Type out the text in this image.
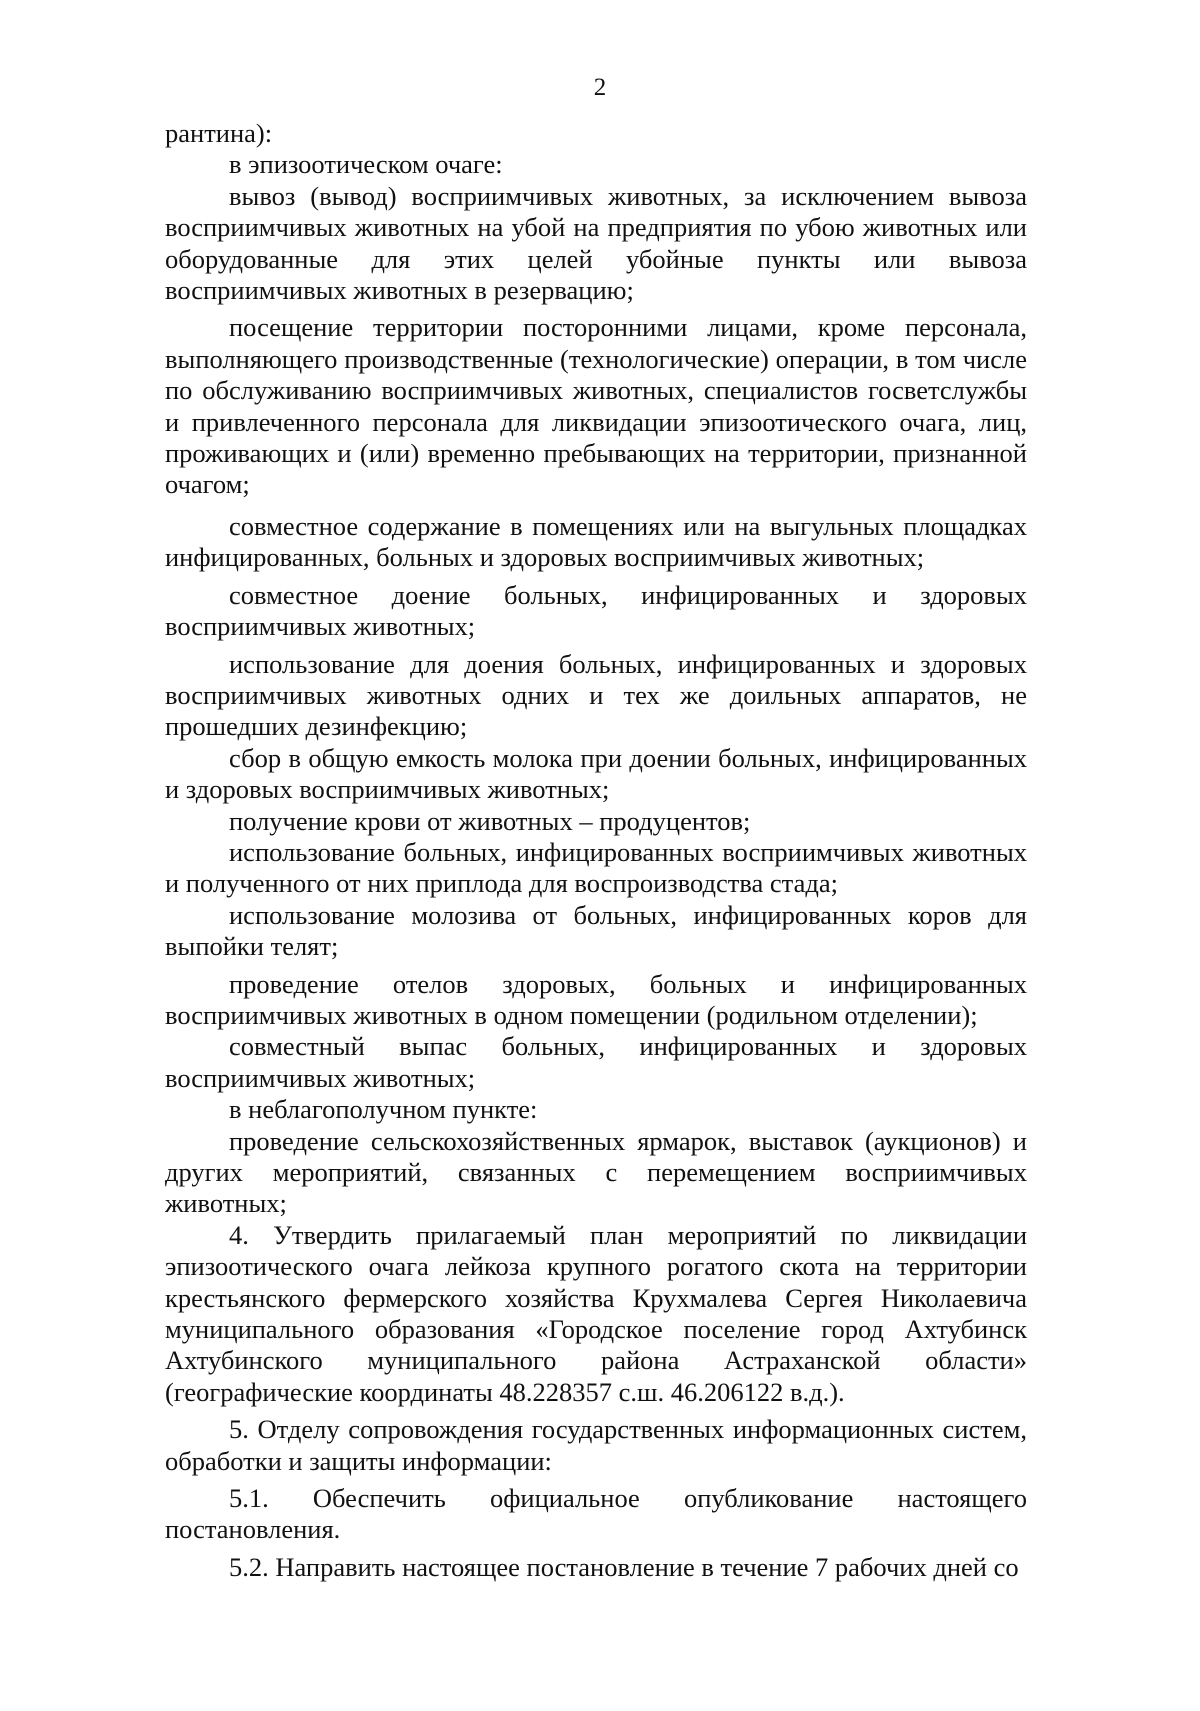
2

рантина):

в эпизоотическом очаге:

вывоз (вывод) восприимчивых животных, за исключением вывоза восприимчивых животных на убой на предприятия по убою животных или оборудованные для этих целей убойные пункты или вывоза восприимчивых животных в резервацию;

посещение территории посторонними лицами, кроме персонала, выполняющего производственные (технологические) операции, в том числе по обслуживанию восприимчивых животных, специалистов госветслужбы и привлеченного персонала для ликвидации эпизоотического очага, лиц, проживающих и (или) временно пребывающих на территории, признанной очагом;

совместное содержание в помещениях или на выгульных площадках инфицированных, больных и здоровых восприимчивых животных;

совместное доение больных, инфицированных и здоровых восприимчивых животных;

использование для доения больных, инфицированных и здоровых восприимчивых животных одних и тех же доильных аппаратов, не прошедших дезинфекцию;

сбор в общую емкость молока при доении больных, инфицированных и здоровых восприимчивых животных;

получение крови от животных – продуцентов;

использование больных, инфицированных восприимчивых животных и полученного от них приплода для воспроизводства стада;

использование молозива от больных, инфицированных коров для выпойки телят;

проведение отелов здоровых, больных и инфицированных восприимчивых животных в одном помещении (родильном отделении);

совместный выпас больных, инфицированных и здоровых восприимчивых животных;

в неблагополучном пункте:

проведение сельскохозяйственных ярмарок, выставок (аукционов) и других мероприятий, связанных с перемещением восприимчивых животных;

4. Утвердить прилагаемый план мероприятий по ликвидации эпизоотического очага лейкоза крупного рогатого скота на территории крестьянского фермерского хозяйства Крухмалева Сергея Николаевича муниципального образования «Городское поселение город Ахтубинск Ахтубинского муниципального района Астраханской области» (географические координаты 48.228357 с.ш. 46.206122 в.д.).

5. Отделу сопровождения государственных информационных систем, обработки и защиты информации:

5.1. Обеспечить официальное опубликование настоящего постановления.

5.2. Направить настоящее постановление в течение 7 рабочих дней со
